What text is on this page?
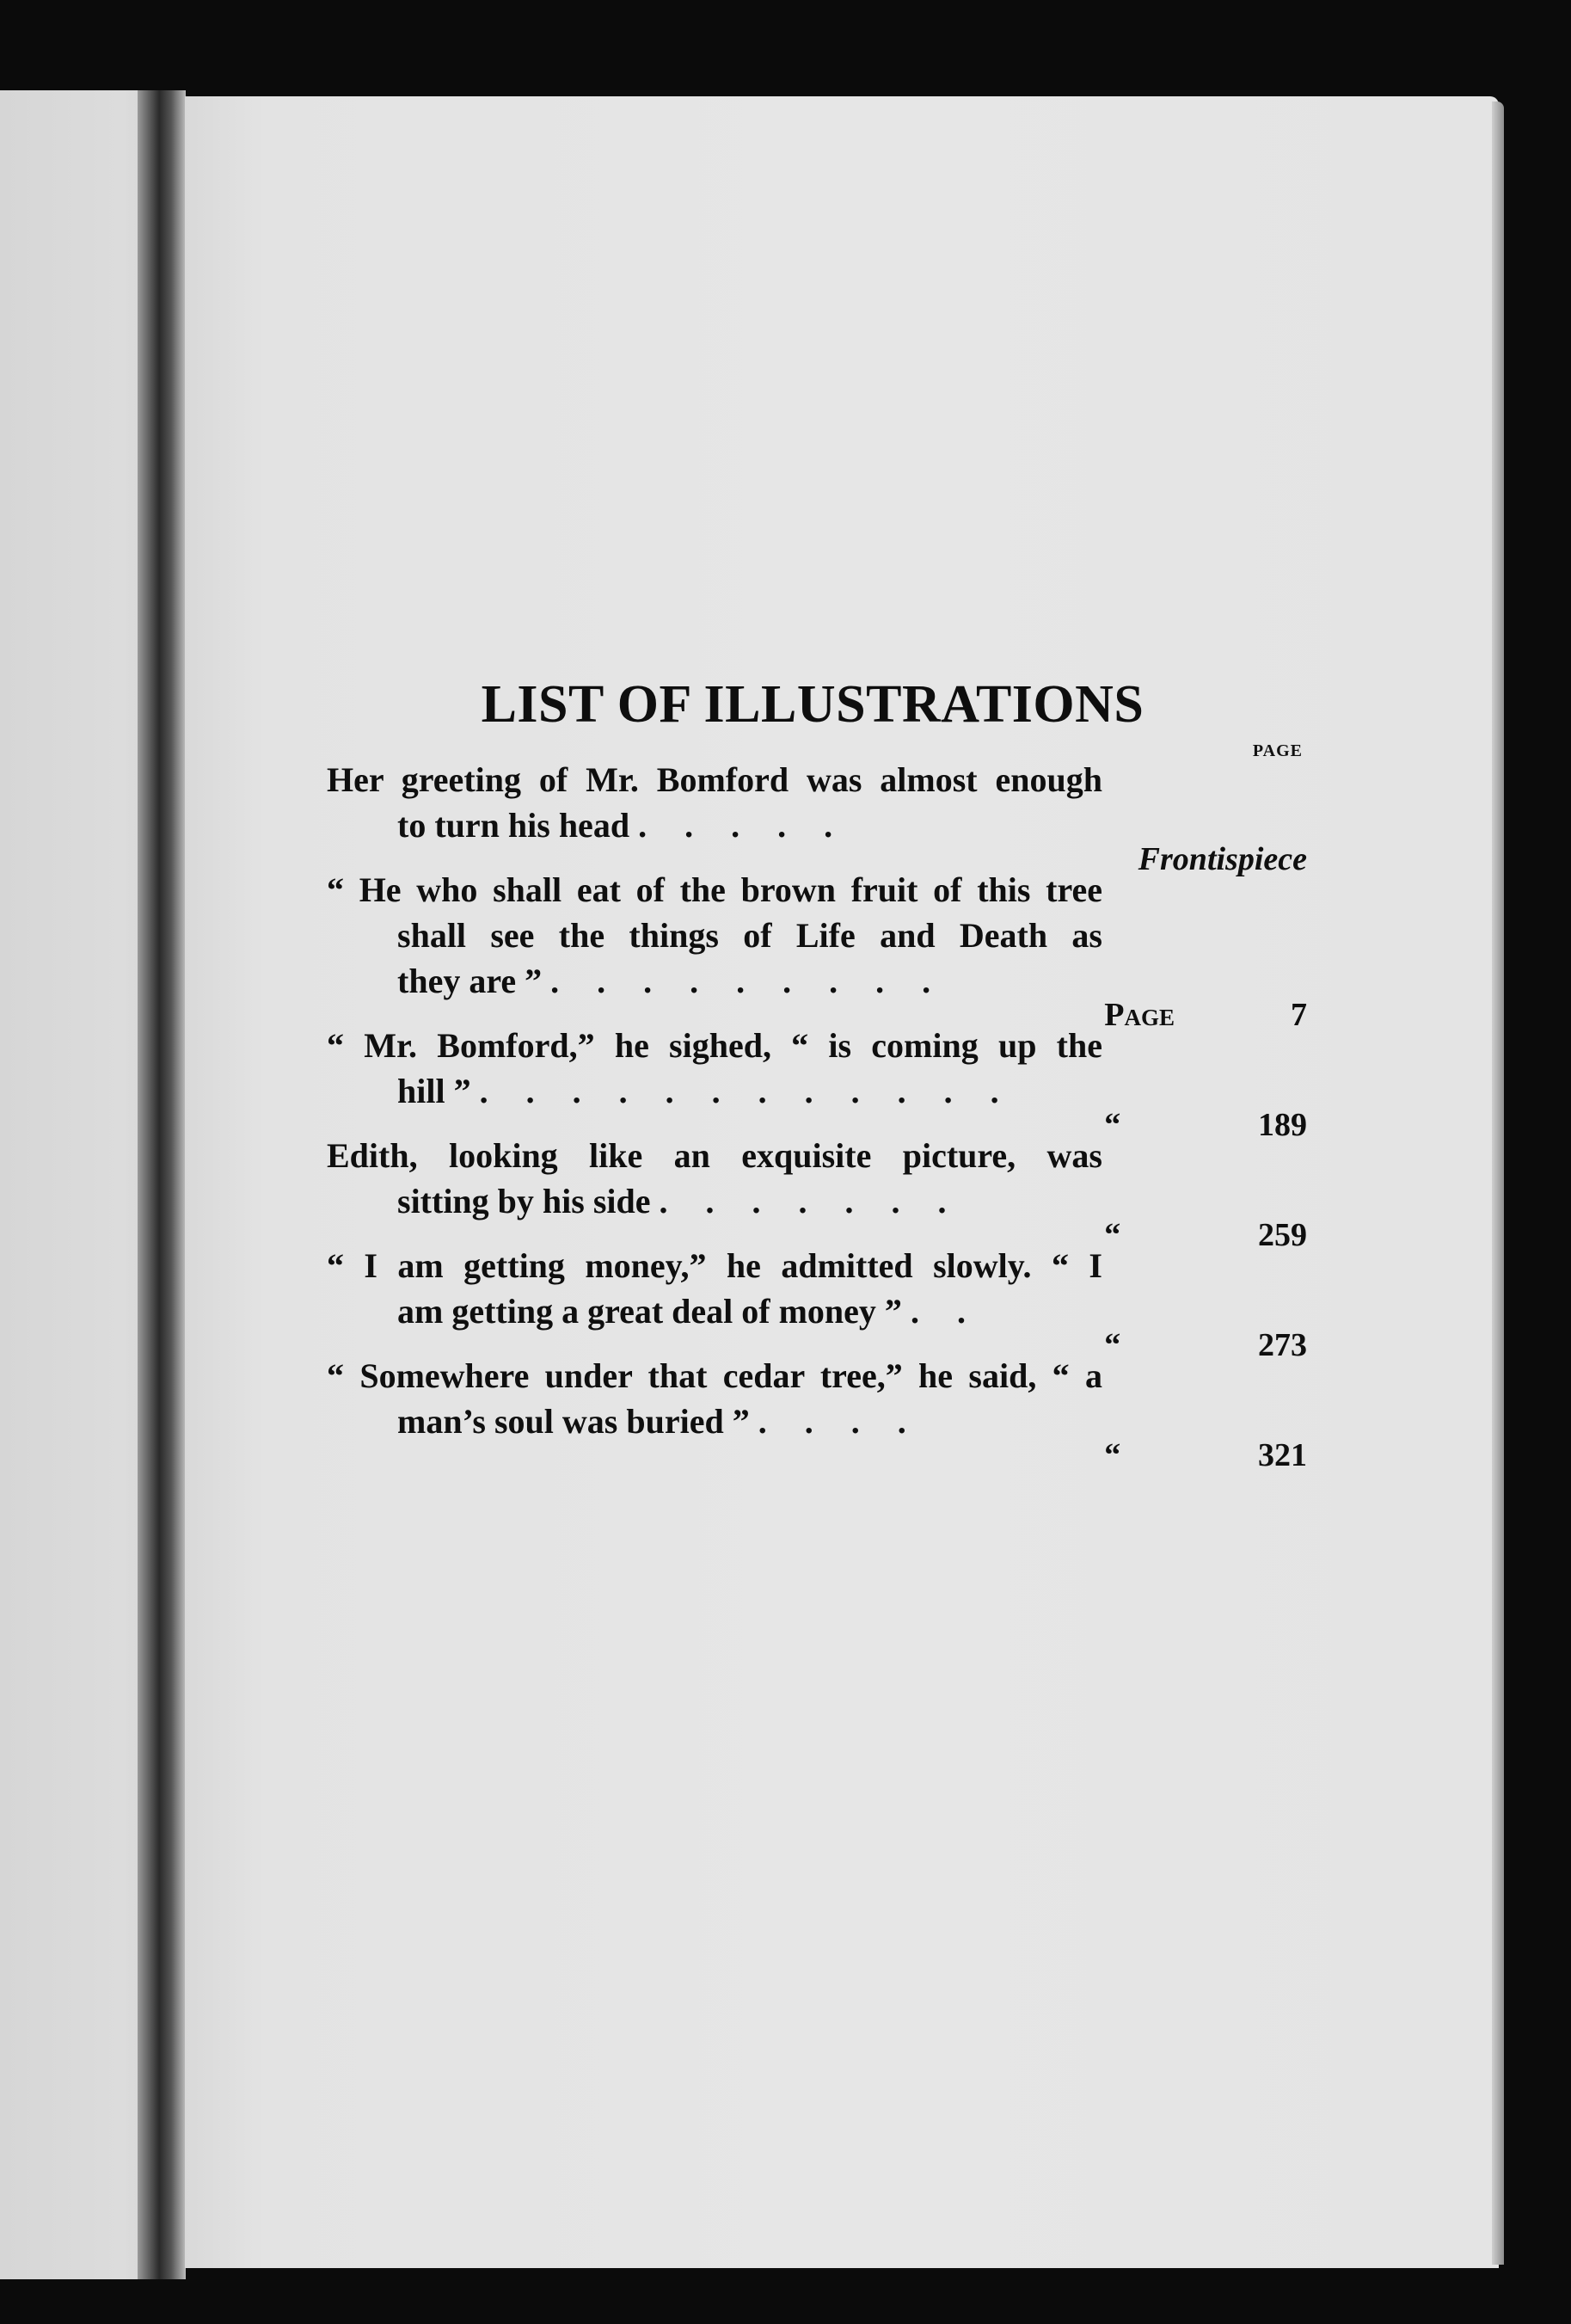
LIST OF ILLUSTRATIONS
PAGE
Her greeting of Mr. Bomford was almost enough
to turn his head . . . . .
Frontispiece
“ He who shall eat of the brown fruit of this tree
shall see the things of Life and Death as
they are ” . . . . . . . . .
Page	7
“ Mr. Bomford,” he sighed, “ is coming up the
hill ” . . . . . . . . . . . .
“	189
Edith, looking like an exquisite picture, was
sitting by his side . . . . . . .
“	259
“ I am getting money,” he admitted slowly. “ I
am getting a great deal of money ” . .
“	273
“ Somewhere under that cedar tree,” he said, “ a
man’s soul was buried ” . . . .
“	321
